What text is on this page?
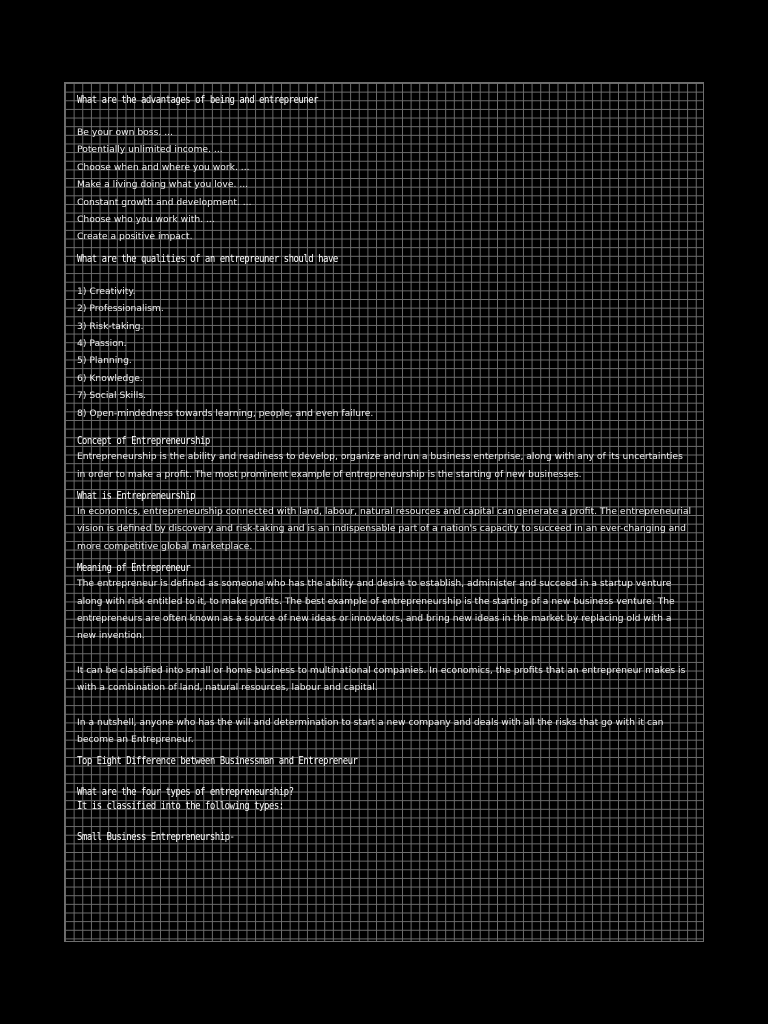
What are the advantages of being and entrepreuner

Be your own boss. ...

Potentially unlimited income. ...

Choose when and where you work. ...

Make a living doing what you love. ...

Constant growth and development. ...

Choose who you work with. ...

Create a positive impact.

What are the qualities of an entrepreuner should have

1) Creativity.

2) Professionalism.

3) Risk-taking.

4) Passion.

5) Planning.

6) Knowledge.

7) Social Skills.

8) Open-mindedness towards learning, people, and even failure.

Concept of Entrepreneurship

Entrepreneurship is the ability and readiness to develop, organize and run a business enterprise, along with any of its uncertainties in order to make a profit. The most prominent example of entrepreneurship is the starting of new businesses.

What is Entrepreneurship

In economics, entrepreneurship connected with land, labour, natural resources and capital can generate a profit. The entrepreneurial vision is defined by discovery and risk-taking and is an indispensable part of a nation's capacity to succeed in an ever-changing and more competitive global marketplace.

Meaning of Entrepreneur

The entrepreneur is defined as someone who has the ability and desire to establish, administer and succeed in a startup venture along with risk entitled to it, to make profits. The best example of entrepreneurship is the starting of a new business venture. The entrepreneurs are often known as a source of new ideas or innovators, and bring new ideas in the market by replacing old with a new invention.

It can be classified into small or home business to multinational companies. In economics, the profits that an entrepreneur makes is with a combination of land, natural resources, labour and capital.

In a nutshell, anyone who has the will and determination to start a new company and deals with all the risks that go with it can become an Entrepreneur.

Top Eight Difference between Businessman and Entrepreneur

What are the four types of entrepreneurship?

It is classified into the following types:

Small Business Entrepreneurship-
